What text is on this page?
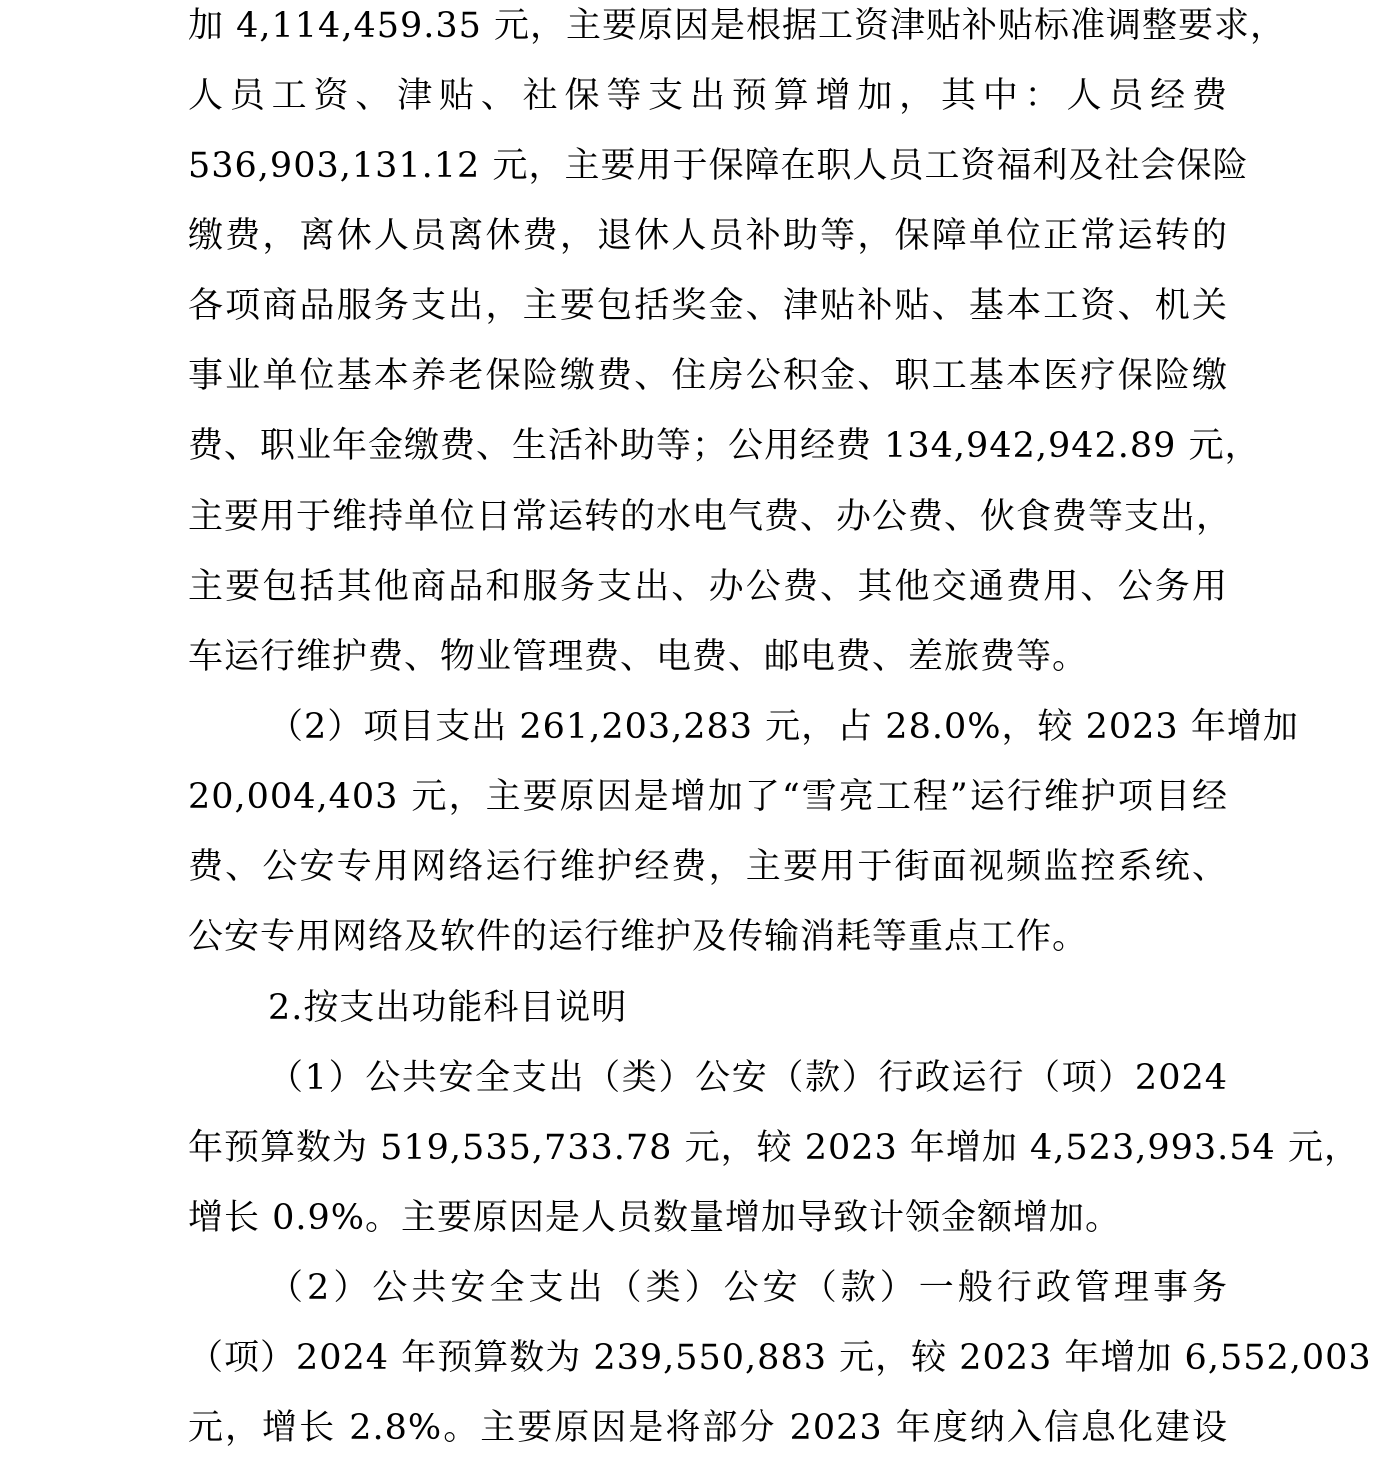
加 4,114,459.35 元，主要原因是根据工资津贴补贴标准调整要求，
人员工资、津贴、社保等支出预算增加，其中：人员经费
536,903,131.12 元，主要用于保障在职人员工资福利及社会保险
缴费，离休人员离休费，退休人员补助等，保障单位正常运转的
各项商品服务支出，主要包括奖金、津贴补贴、基本工资、机关
事业单位基本养老保险缴费、住房公积金、职工基本医疗保险缴
费、职业年金缴费、生活补助等；公用经费 134,942,942.89 元，
主要用于维持单位日常运转的水电气费、办公费、伙食费等支出，
主要包括其他商品和服务支出、办公费、其他交通费用、公务用
车运行维护费、物业管理费、电费、邮电费、差旅费等。
（2）项目支出 261,203,283 元，占 28.0%，较 2023 年增加
20,004,403 元，主要原因是增加了“雪亮工程”运行维护项目经
费、公安专用网络运行维护经费，主要用于街面视频监控系统、
公安专用网络及软件的运行维护及传输消耗等重点工作。
2.按支出功能科目说明
（1）公共安全支出（类）公安（款）行政运行（项）2024
年预算数为 519,535,733.78 元，较 2023 年增加 4,523,993.54 元，
增长 0.9%。主要原因是人员数量增加导致计领金额增加。
（2）公共安全支出（类）公安（款）一般行政管理事务
（项）2024 年预算数为 239,550,883 元，较 2023 年增加 6,552,003
元，增长 2.8%。主要原因是将部分 2023 年度纳入信息化建设
